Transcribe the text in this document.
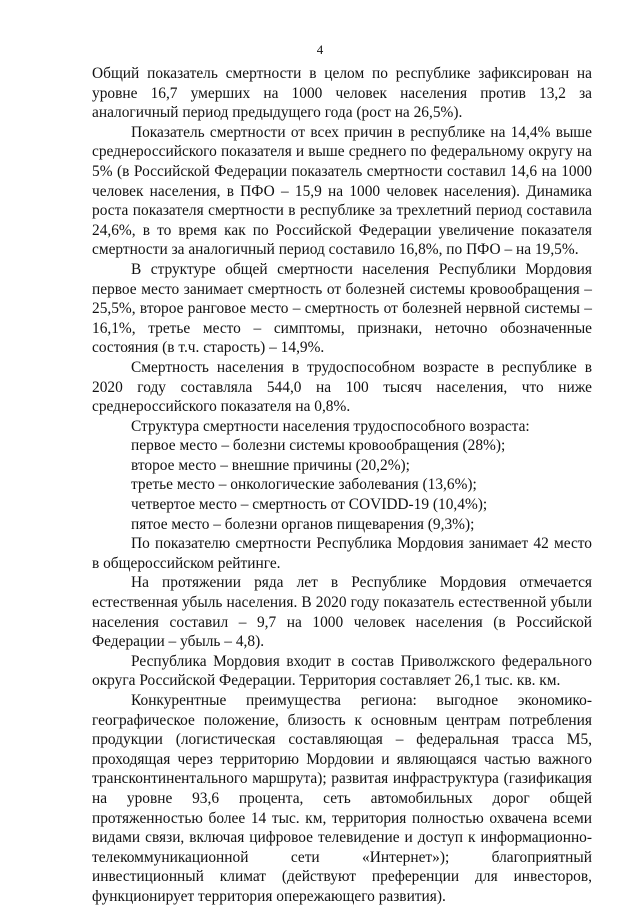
4

Общий показатель смертности в целом по республике зафиксирован на уровне 16,7 умерших на 1000 человек населения против 13,2 за аналогичный период предыдущего года (рост на 26,5%).

Показатель смертности от всех причин в республике на 14,4% выше среднероссийского показателя и выше среднего по федеральному округу на 5% (в Российской Федерации показатель смертности составил 14,6 на 1000 человек населения, в ПФО – 15,9 на 1000 человек населения). Динамика роста показателя смертности в республике за трехлетний период составила 24,6%, в то время как по Российской Федерации увеличение показателя смертности за аналогичный период составило 16,8%, по ПФО – на 19,5%.

В структуре общей смертности населения Республики Мордовия первое место занимает смертность от болезней системы кровообращения – 25,5%, второе ранговое место – смертность от болезней нервной системы – 16,1%, третье место – симптомы, признаки, неточно обозначенные состояния (в т.ч. старость) – 14,9%.

Смертность населения в трудоспособном возрасте в республике в 2020 году составляла 544,0 на 100 тысяч населения, что ниже среднероссийского показателя на 0,8%.

Структура смертности населения трудоспособного возраста:

первое место – болезни системы кровообращения (28%);

второе место – внешние причины (20,2%);

третье место – онкологические заболевания (13,6%);

четвертое место – смертность от COVIDD-19 (10,4%);

пятое место – болезни органов пищеварения (9,3%);

По показателю смертности Республика Мордовия занимает 42 место в общероссийском рейтинге.

На протяжении ряда лет в Республике Мордовия отмечается естественная убыль населения. В 2020 году показатель естественной убыли населения составил – 9,7 на 1000 человек населения (в Российской Федерации – убыль – 4,8).

Республика Мордовия входит в состав Приволжского федерального округа Российской Федерации. Территория составляет 26,1 тыс. кв. км.

Конкурентные преимущества региона: выгодное экономико-географическое положение, близость к основным центрам потребления продукции (логистическая составляющая – федеральная трасса М5, проходящая через территорию Мордовии и являющаяся частью важного трансконтинентального маршрута); развитая инфраструктура (газификация на уровне 93,6 процента, сеть автомобильных дорог общей протяженностью более 14 тыс. км, территория полностью охвачена всеми видами связи, включая цифровое телевидение и доступ к информационно-телекоммуникационной сети «Интернет»); благоприятный инвестиционный климат (действуют преференции для инвесторов, функционирует территория опережающего развития).
